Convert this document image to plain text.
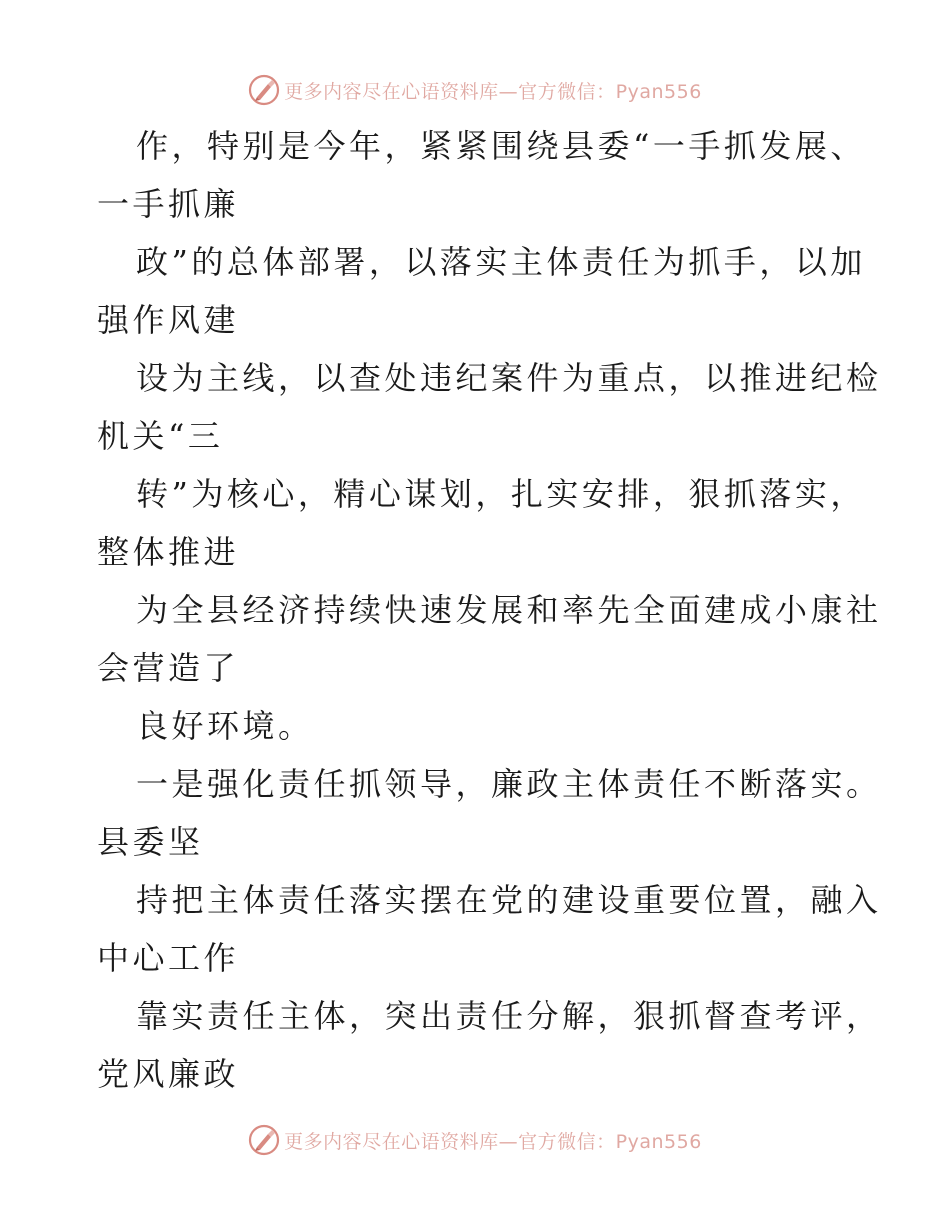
更多内容尽在心语资料库—官方微信：Pyan556
作，特别是今年，紧紧围绕县委“一手抓发展、
一手抓廉
政”的总体部署，以落实主体责任为抓手，以加
强作风建
设为主线，以查处违纪案件为重点，以推进纪检
机关“三
转”为核心，精心谋划，扎实安排，狠抓落实，
整体推进
为全县经济持续快速发展和率先全面建成小康社
会营造了
良好环境。
一是强化责任抓领导，廉政主体责任不断落实。
县委坚
持把主体责任落实摆在党的建设重要位置，融入
中心工作
靠实责任主体，突出责任分解，狠抓督查考评，
党风廉政
更多内容尽在心语资料库—官方微信：Pyan556
